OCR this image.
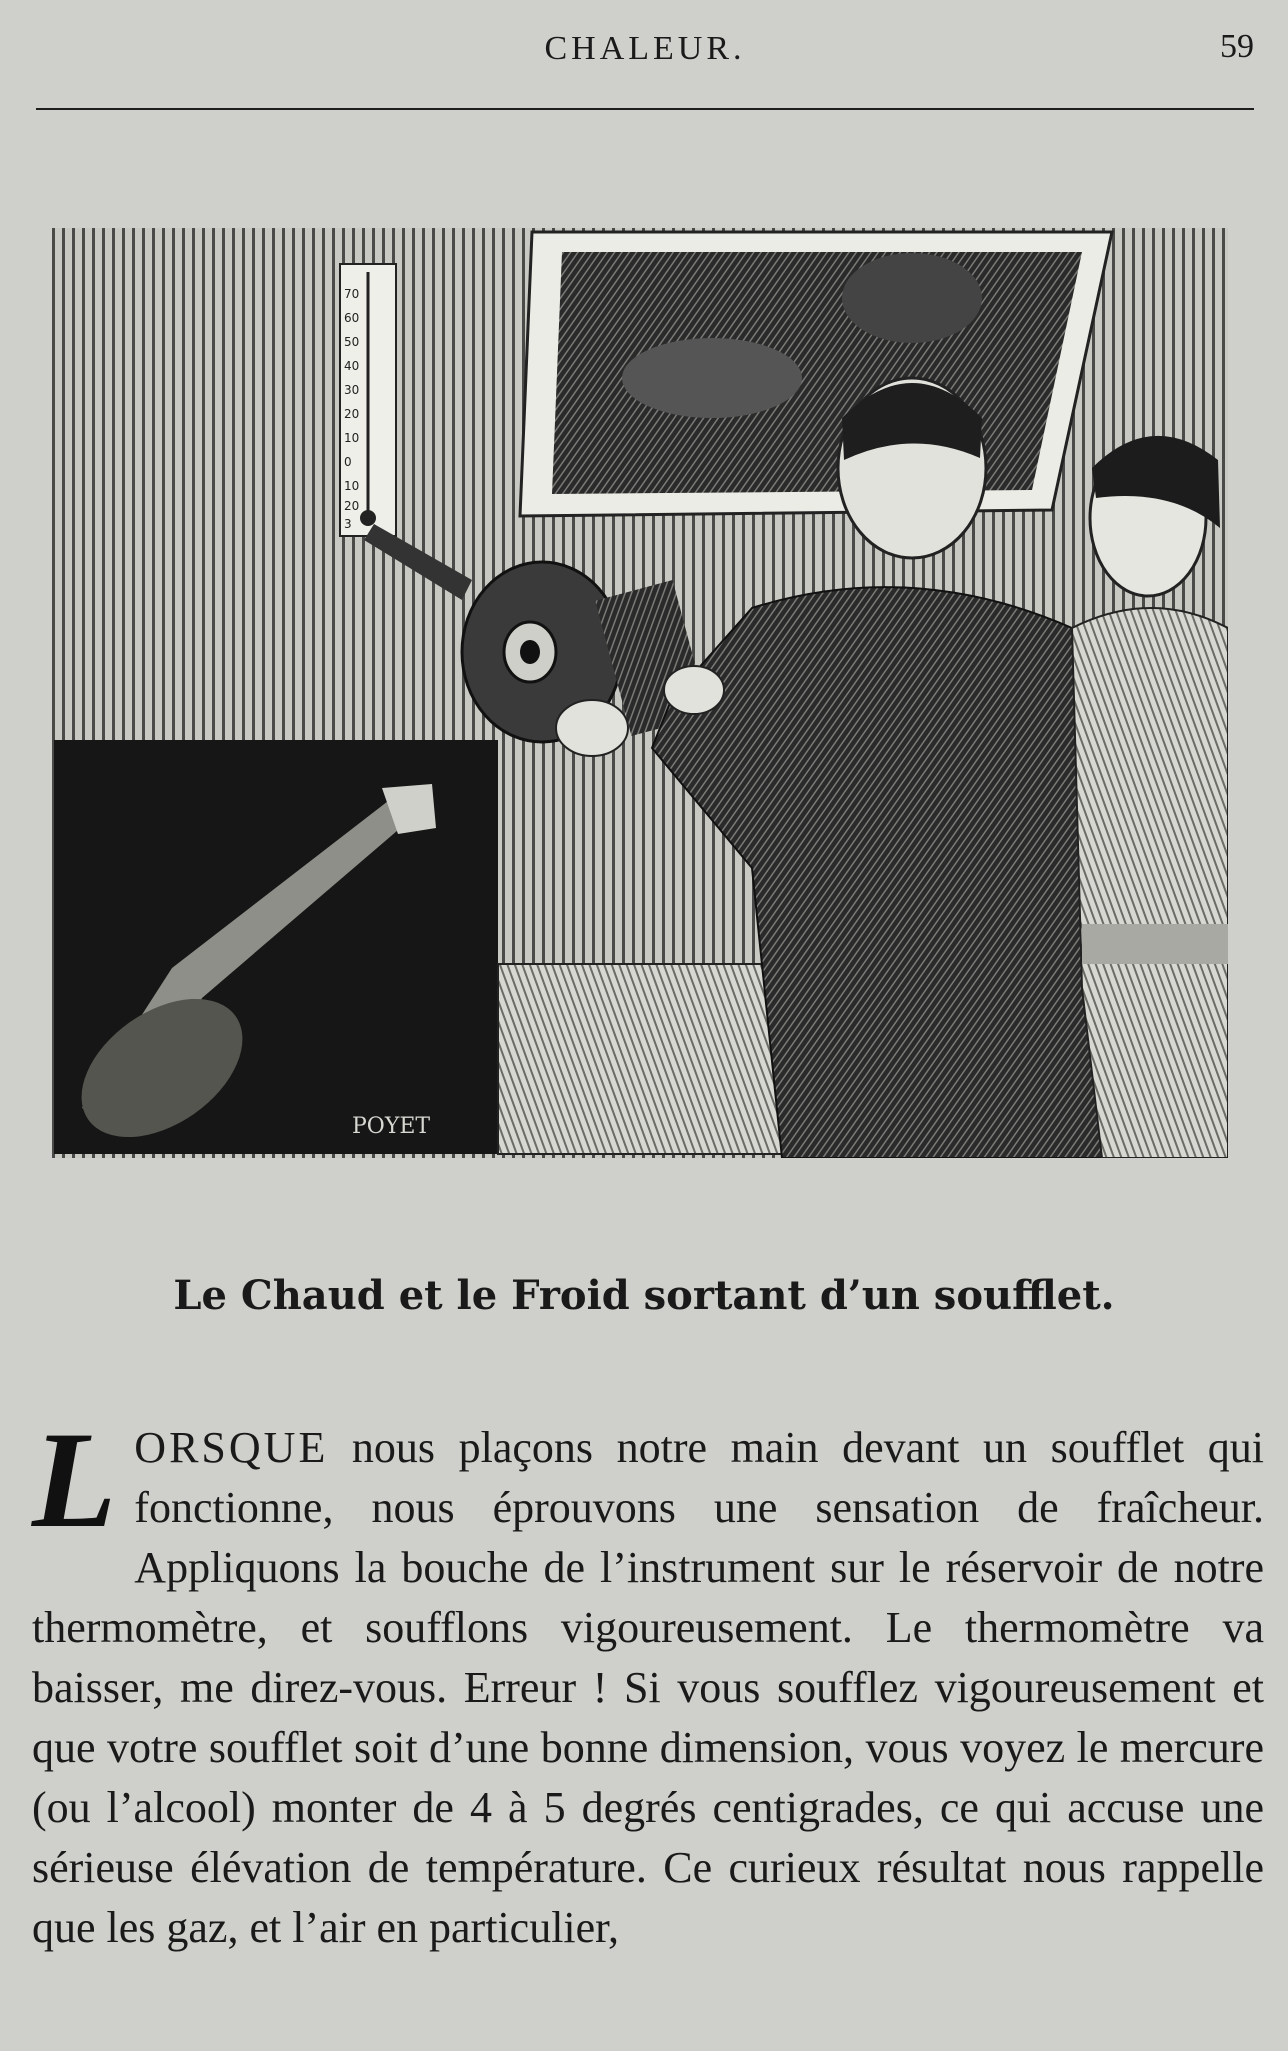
CHALEUR.	59
70
60
50
40
30
20
10
0
10
20
3
POYET
Le Chaud et le Froid sortant d’un soufflet.
LORSQUE nous plaçons notre main devant un soufflet qui fonctionne, nous éprouvons une sensation de fraîcheur. Appliquons la bouche de l’instrument sur le réservoir de notre thermomètre, et soufflons vigoureusement. Le thermomètre va baisser, me direz-vous. Erreur ! Si vous soufflez vigoureusement et que votre soufflet soit d’une bonne dimension, vous voyez le mercure (ou l’alcool) monter de 4 à 5 degrés centigrades, ce qui accuse une sérieuse élévation de température. Ce curieux résultat nous rappelle que les gaz, et l’air en particulier,
